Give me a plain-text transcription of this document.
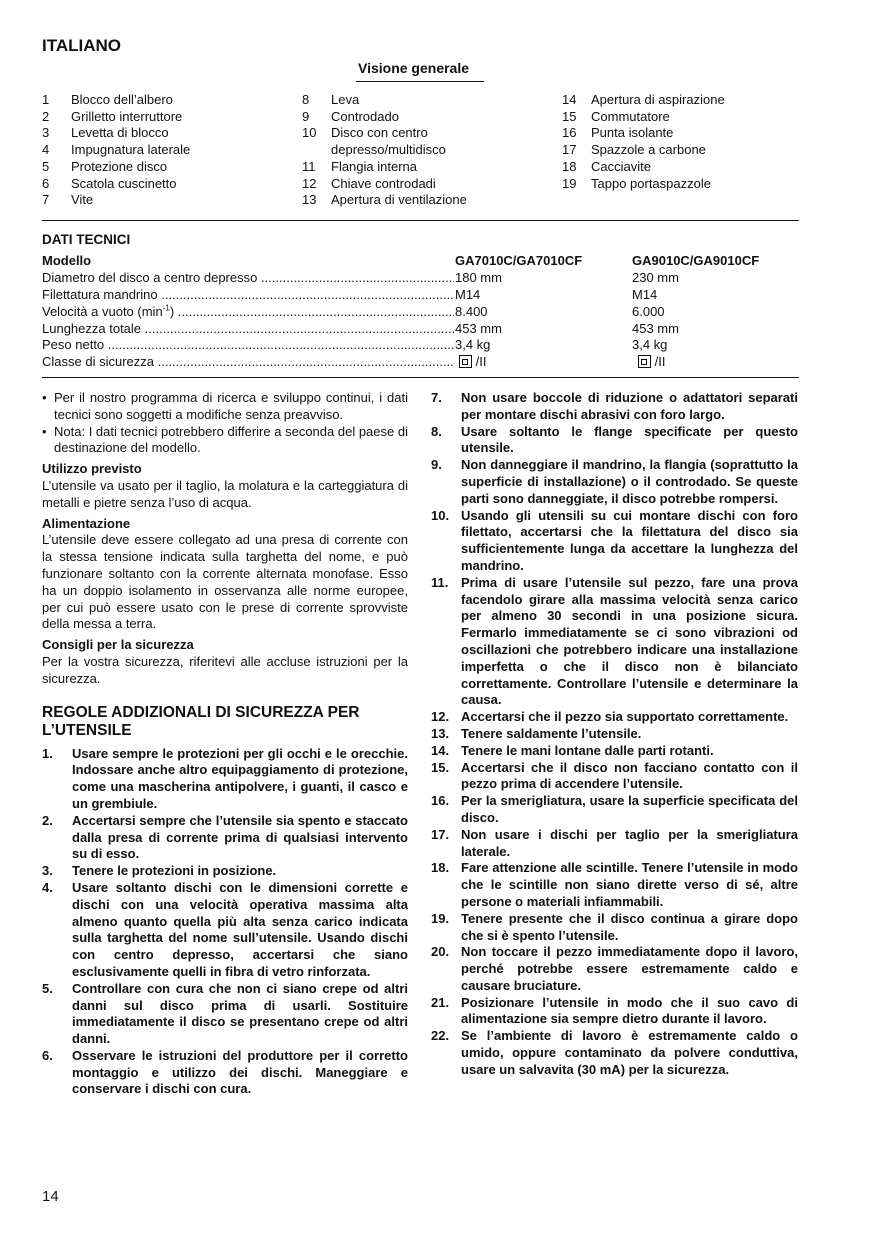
ITALIANO
Visione generale
1 Blocco dell’albero
2 Grilletto interruttore
3 Levetta di blocco
4 Impugnatura laterale
5 Protezione disco
6 Scatola cuscinetto
7 Vite
8 Leva
9 Controdado
10 Disco con centro depresso/multidisco
11 Flangia interna
12 Chiave controdadi
13 Apertura di ventilazione
14 Apertura di aspirazione
15 Commutatore
16 Punta isolante
17 Spazzole a carbone
18 Cacciavite
19 Tappo portaspazzole
DATI TECNICI
Modello	GA7010C/GA7010CF	GA9010C/GA9010CF
Diametro del disco a centro depresso .....	180 mm	230 mm
Filettatura mandrino .....	M14	M14
Velocità a vuoto $(\min^{-1})$ .....	8.400	6.000
Lunghezza totale .....	453 mm	453 mm
Peso netto .....	3,4 kg	3,4 kg
Classe di sicurezza .....	/II	/II
• Per il nostro programma di ricerca e sviluppo continui, i dati tecnici sono soggetti a modifiche senza preavviso.
• Nota: I dati tecnici potrebbero differire a seconda del paese di destinazione del modello.
Utilizzo previsto
L’utensile va usato per il taglio, la molatura e la carteggiatura di metalli e pietre senza l’uso di acqua.
Alimentazione
L’utensile deve essere collegato ad una presa di corrente con la stessa tensione indicata sulla targhetta del nome, e può funzionare soltanto con la corrente alternata monofase. Esso ha un doppio isolamento in osservanza alle norme europee, per cui può essere usato con le prese di corrente sprovviste della messa a terra.
Consigli per la sicurezza
Per la vostra sicurezza, riferitevi alle accluse istruzioni per la sicurezza.
REGOLE ADDIZIONALI DI SICUREZZA PER L’UTENSILE
1. Usare sempre le protezioni per gli occhi e le orecchie. Indossare anche altro equipaggiamento di protezione, come una mascherina antipolvere, i guanti, il casco e un grembiule.
2. Accertarsi sempre che l’utensile sia spento e staccato dalla presa di corrente prima di qualsiasi intervento su di esso.
3. Tenere le protezioni in posizione.
4. Usare soltanto dischi con le dimensioni corrette e dischi con una velocità operativa massima alta almeno quanto quella più alta senza carico indicata sulla targhetta del nome sull’utensile. Usando dischi con centro depresso, accertarsi che siano esclusivamente quelli in fibra di vetro rinforzata.
5. Controllare con cura che non ci siano crepe od altri danni sul disco prima di usarli. Sostituire immediatamente il disco se presentano crepe od altri danni.
6. Osservare le istruzioni del produttore per il corretto montaggio e utilizzo dei dischi. Maneggiare e conservare i dischi con cura.
7. Non usare boccole di riduzione o adattatori separati per montare dischi abrasivi con foro largo.
8. Usare soltanto le flange specificate per questo utensile.
9. Non danneggiare il mandrino, la flangia (soprattutto la superficie di installazione) o il controdado. Se queste parti sono danneggiate, il disco potrebbe rompersi.
10. Usando gli utensili su cui montare dischi con foro filettato, accertarsi che la filettatura del disco sia sufficientemente lunga da accettare la lunghezza del mandrino.
11. Prima di usare l’utensile sul pezzo, fare una prova facendolo girare alla massima velocità senza carico per almeno 30 secondi in una posizione sicura. Fermarlo immediatamente se ci sono vibrazioni od oscillazioni che potrebbero indicare una installazione imperfetta o che il disco non è bilanciato correttamente. Controllare l’utensile e determinare la causa.
12. Accertarsi che il pezzo sia supportato correttamente.
13. Tenere saldamente l’utensile.
14. Tenere le mani lontane dalle parti rotanti.
15. Accertarsi che il disco non facciano contatto con il pezzo prima di accendere l’utensile.
16. Per la smerigliatura, usare la superficie specificata del disco.
17. Non usare i dischi per taglio per la smerigliatura laterale.
18. Fare attenzione alle scintille. Tenere l’utensile in modo che le scintille non siano dirette verso di sé, altre persone o materiali infiammabili.
19. Tenere presente che il disco continua a girare dopo che si è spento l’utensile.
20. Non toccare il pezzo immediatamente dopo il lavoro, perché potrebbe essere estremamente caldo e causare bruciature.
21. Posizionare l’utensile in modo che il suo cavo di alimentazione sia sempre dietro durante il lavoro.
22. Se l’ambiente di lavoro è estremamente caldo o umido, oppure contaminato da polvere conduttiva, usare un salvavita (30 mA) per la sicurezza.
14
